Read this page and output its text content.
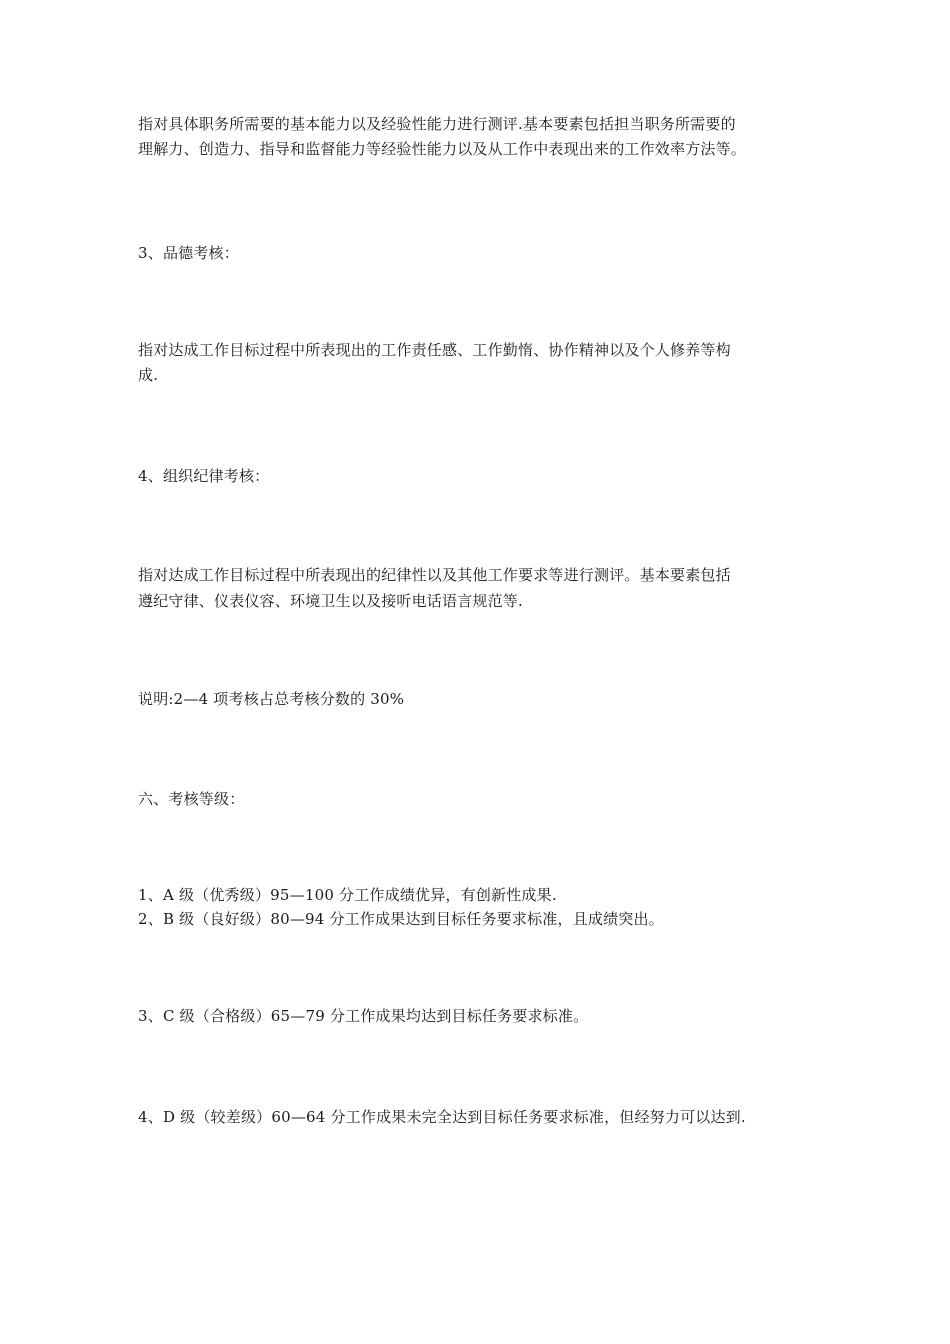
指对具体职务所需要的基本能力以及经验性能力进行测评.基本要素包括担当职务所需要的
理解力、创造力、指导和监督能力等经验性能力以及从工作中表现出来的工作效率方法等。
3、品德考核：
指对达成工作目标过程中所表现出的工作责任感、工作勤惰、协作精神以及个人修养等构
成.
4、组织纪律考核：
指对达成工作目标过程中所表现出的纪律性以及其他工作要求等进行测评。基本要素包括
遵纪守律、仪表仪容、环境卫生以及接听电话语言规范等.
说明:2—4 项考核占总考核分数的 30%
六、考核等级：
1、A 级（优秀级）95—100 分工作成绩优异，有创新性成果.
2、B 级（良好级）80—94 分工作成果达到目标任务要求标准，且成绩突出。
3、C 级（合格级）65—79 分工作成果均达到目标任务要求标准。
4、D 级（较差级）60—64 分工作成果未完全达到目标任务要求标准，但经努力可以达到.
